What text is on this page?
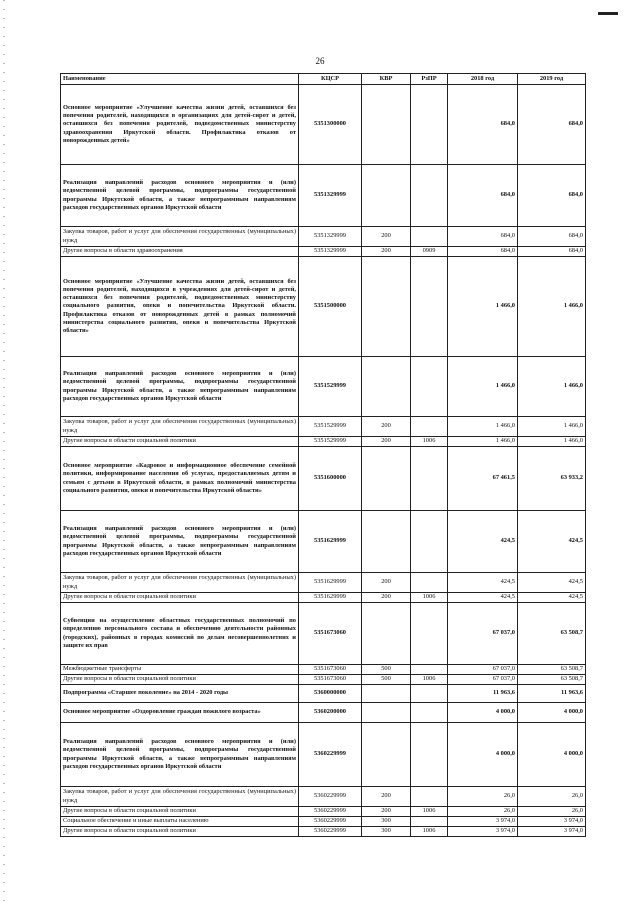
26
Наименование	КЦСР	КВР	РзПР	2018 год	2019 год
Основное мероприятие «Улучшение качества жизни детей, оставшихся без попечения родителей, находящихся в организациях для детей-сирот и детей, оставшихся без попечения родителей, подведомственных министерству здравоохранения Иркутской области. Профилактика отказов от новорожденных детей»	5351300000			684,0	684,0
Реализация направлений расходов основного мероприятия и (или) ведомственной целевой программы, подпрограммы государственной программы Иркутской области, а также непрограммным направлениям расходов государственных органов Иркутской области	5351329999			684,0	684,0
Закупка товаров, работ и услуг для обеспечения государственных (муниципальных) нужд	5351329999	200		684,0	684,0
Другие вопросы в области здравоохранения	5351329999	200	0909	684,0	684,0
Основное мероприятие «Улучшение качества жизни детей, оставшихся без попечения родителей, находящихся в учреждениях для детей-сирот и детей, оставшихся без попечения родителей, подведомственных министерству социального развития, опеки и попечительства Иркутской области. Профилактика отказов от новорожденных детей в рамках полномочий министерства социального развития, опеки и попечительства Иркутской области»	5351500000			1 466,0	1 466,0
Реализация направлений расходов основного мероприятия и (или) ведомственной целевой программы, подпрограммы государственной программы Иркутской области, а также непрограммным направлениям расходов государственных органов Иркутской области	5351529999			1 466,0	1 466,0
Закупка товаров, работ и услуг для обеспечения государственных (муниципальных) нужд	5351529999	200		1 466,0	1 466,0
Другие вопросы в области социальной политики	5351529999	200	1006	1 466,0	1 466,0
Основное мероприятие «Кадровое и информационное обеспечение семейной политики, информирование населения об услугах, предоставляемых детям и семьям с детьми в Иркутской области, в рамках полномочий министерства социального развития, опеки и попечительства Иркутской области»	5351600000			67 461,5	63 933,2
Реализация направлений расходов основного мероприятия и (или) ведомственной целевой программы, подпрограммы государственной программы Иркутской области, а также непрограммным направлениям расходов государственных органов Иркутской области	5351629999			424,5	424,5
Закупка товаров, работ и услуг для обеспечения государственных (муниципальных) нужд	5351629999	200		424,5	424,5
Другие вопросы в области социальной политики	5351629999	200	1006	424,5	424,5
Субвенции на осуществление областных государственных полномочий по определению персонального состава и обеспечению деятельности районных (городских), районных в городах комиссий по делам несовершеннолетних и защите их прав	5351673060			67 037,0	63 508,7
Межбюджетные трансферты	5351673060	500		67 037,0	63 508,7
Другие вопросы в области социальной политики	5351673060	500	1006	67 037,0	63 508,7
Подпрограмма «Старшее поколение» на 2014 - 2020 годы	5360000000			11 963,6	11 963,6
Основное мероприятие «Оздоровление граждан пожилого возраста»	5360200000			4 000,0	4 000,0
Реализация направлений расходов основного мероприятия и (или) ведомственной целевой программы, подпрограммы государственной программы Иркутской области, а также непрограммным направлениям расходов государственных органов Иркутской области	5360229999			4 000,0	4 000,0
Закупка товаров, работ и услуг для обеспечения государственных (муниципальных) нужд	5360229999	200		26,0	26,0
Другие вопросы в области социальной политики	5360229999	200	1006	26,0	26,0
Социальное обеспечение и иные выплаты населению	5360229999	300		3 974,0	3 974,0
Другие вопросы в области социальной политики	5360229999	300	1006	3 974,0	3 974,0
